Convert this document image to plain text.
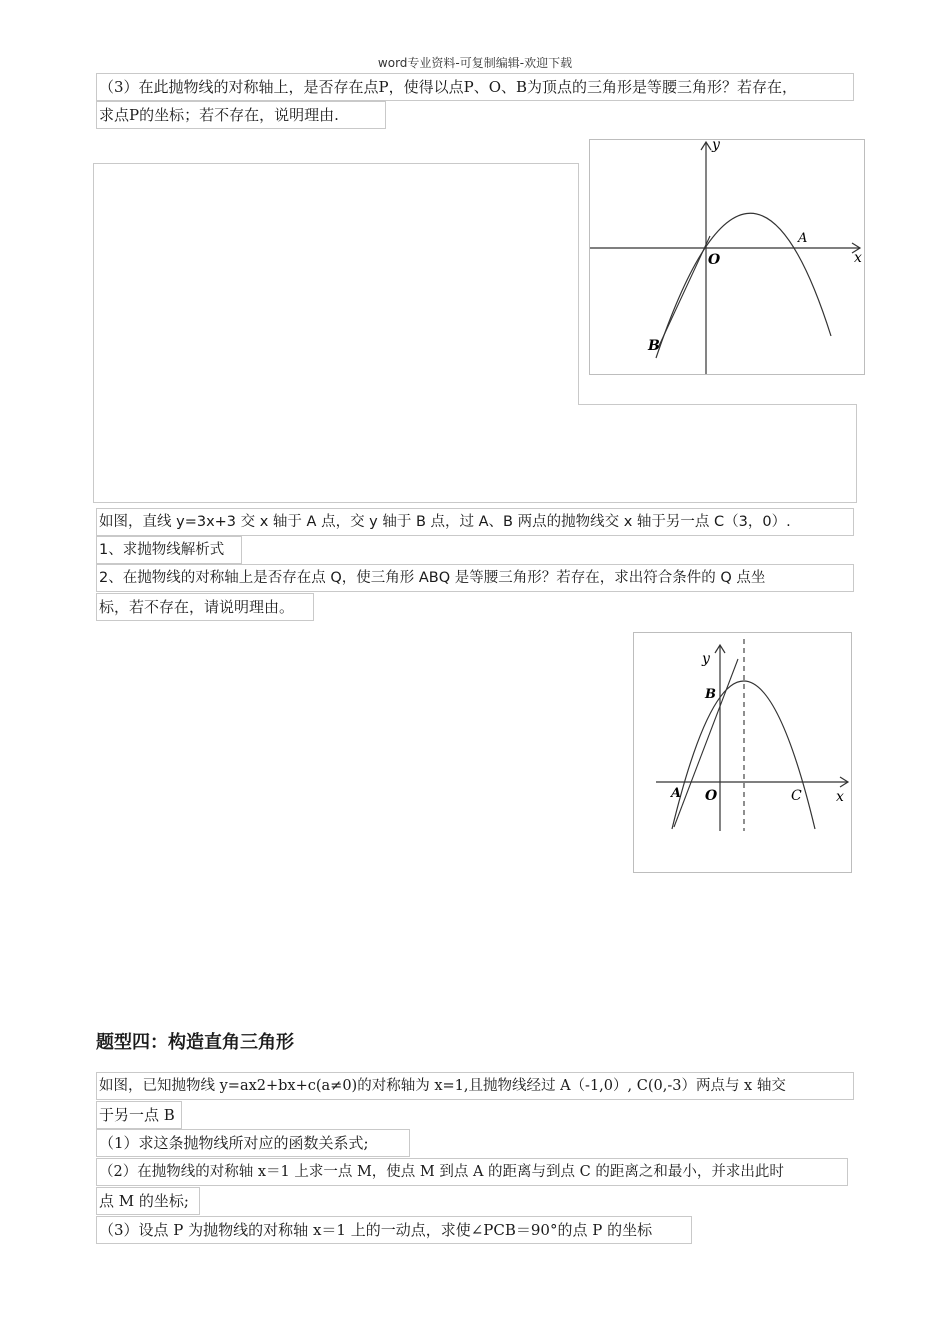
word专业资料-可复制编辑-欢迎下载
（3）在此抛物线的对称轴上，是否存在点P，使得以点P、O、B为顶点的三角形是等腰三角形？若存在，
求点P的坐标；若不存在，说明理由.
y
x
O
A
B
如图，直线 y=3x+3 交 x 轴于 A 点，交 y 轴于 B 点，过 A、B 两点的抛物线交 x 轴于另一点 C（3，0）.
1、求抛物线解析式
2、在抛物线的对称轴上是否存在点 Q，使三角形 ABQ 是等腰三角形？若存在，求出符合条件的 Q 点坐
标，若不存在，请说明理由。
y
x
O
A
B
C
题型四：构造直角三角形
如图，已知抛物线 y=ax2+bx+c(a≠0)的对称轴为 x=1,且抛物线经过 A（-1,0）, C(0,-3）两点与 x 轴交
于另一点 B
（1）求这条抛物线所对应的函数关系式;
（2）在抛物线的对称轴 x＝1 上求一点 M，使点 M 到点 A 的距离与到点 C 的距离之和最小，并求出此时
点 M 的坐标;
（3）设点 P 为抛物线的对称轴 x＝1 上的一动点，求使∠PCB＝90°的点 P 的坐标
